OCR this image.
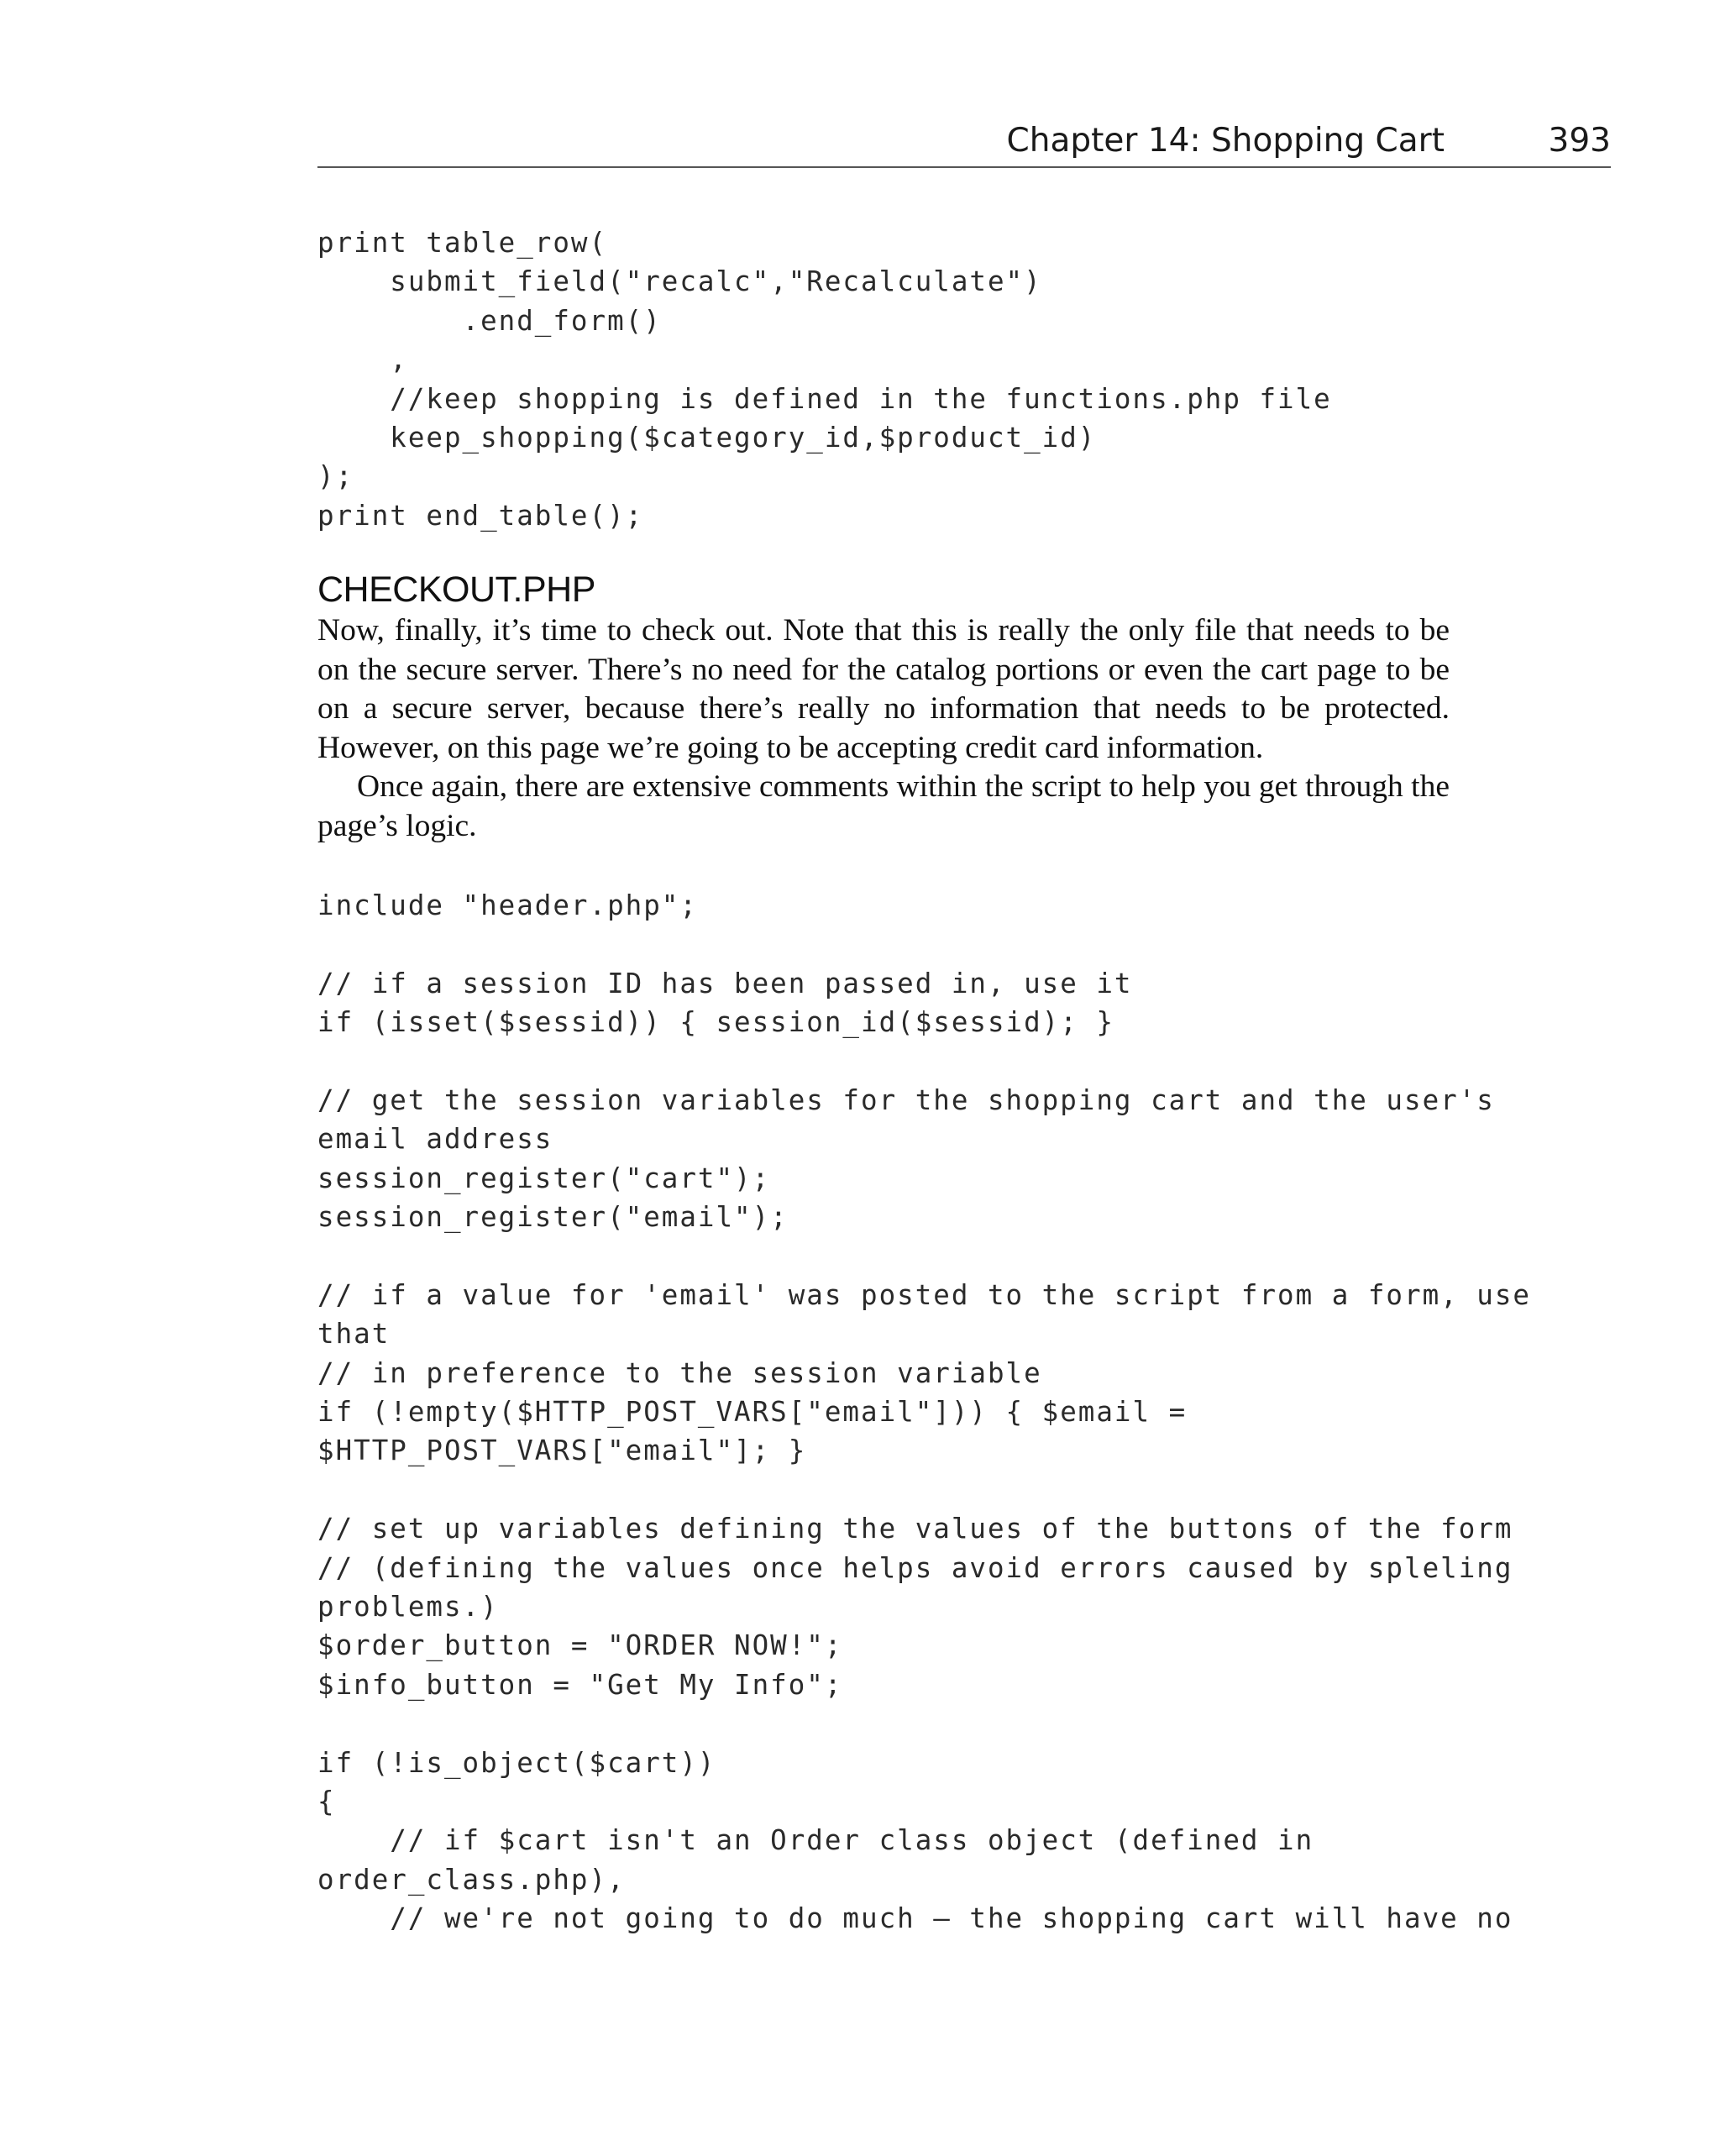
Chapter 14: Shopping Cart	393
print table_row(
submit_field("recalc","Recalculate")
.end_form()
,
//keep shopping is defined in the functions.php file
keep_shopping($category_id,$product_id)
);
print end_table();
CHECKOUT.PHP

Now, finally, it’s time to check out. Note that this is really the only file that needs to be on the secure server. There’s no need for the catalog portions or even the cart page to be on a secure server, because there’s really no information that needs to be protected. However, on this page we’re going to be accepting credit card information.

Once again, there are extensive comments within the script to help you get through the page’s logic.

include "header.php";
// if a session ID has been passed in, use it
if (isset($sessid)) { session_id($sessid); }
// get the session variables for the shopping cart and the user's
email address
session_register("cart");
session_register("email");
// if a value for 'email' was posted to the script from a form, use
that
// in preference to the session variable
if (!empty($HTTP_POST_VARS["email"])) { $email =
$HTTP_POST_VARS["email"]; }
// set up variables defining the values of the buttons of the form
// (defining the values once helps avoid errors caused by spleling
problems.)
$order_button = "ORDER NOW!";
$info_button = "Get My Info";
if (!is_object($cart))
{
// if $cart isn't an Order class object (defined in
order_class.php),
// we're not going to do much – the shopping cart will have no
